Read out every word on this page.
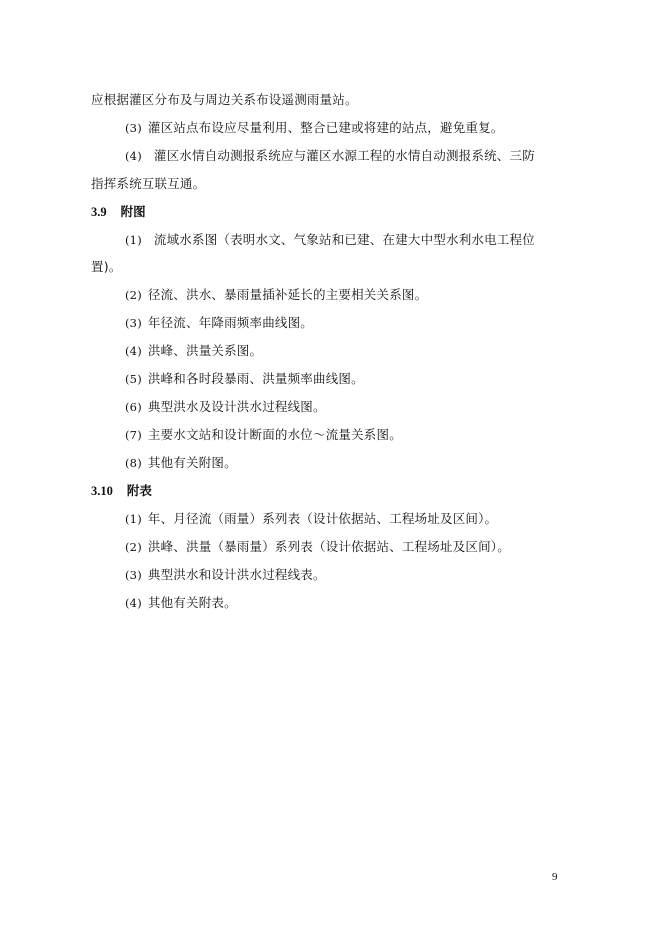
应根据灌区分布及与周边关系布设遥测雨量站。
(3) 灌区站点布设应尽量利用、整合已建或将建的站点，避免重复。
(4) 灌区水情自动测报系统应与灌区水源工程的水情自动测报系统、三防
指挥系统互联互通。
3.9 附图
(1) 流域水系图（表明水文、气象站和已建、在建大中型水利水电工程位
置)。
(2) 径流、洪水、暴雨量插补延长的主要相关关系图。
(3) 年径流、年降雨频率曲线图。
(4) 洪峰、洪量关系图。
(5) 洪峰和各时段暴雨、洪量频率曲线图。
(6) 典型洪水及设计洪水过程线图。
(7) 主要水文站和设计断面的水位～流量关系图。
(8) 其他有关附图。
3.10 附表
(1) 年、月径流（雨量）系列表（设计依据站、工程场址及区间）。
(2) 洪峰、洪量（暴雨量）系列表（设计依据站、工程场址及区间）。
(3) 典型洪水和设计洪水过程线表。
(4) 其他有关附表。
9
